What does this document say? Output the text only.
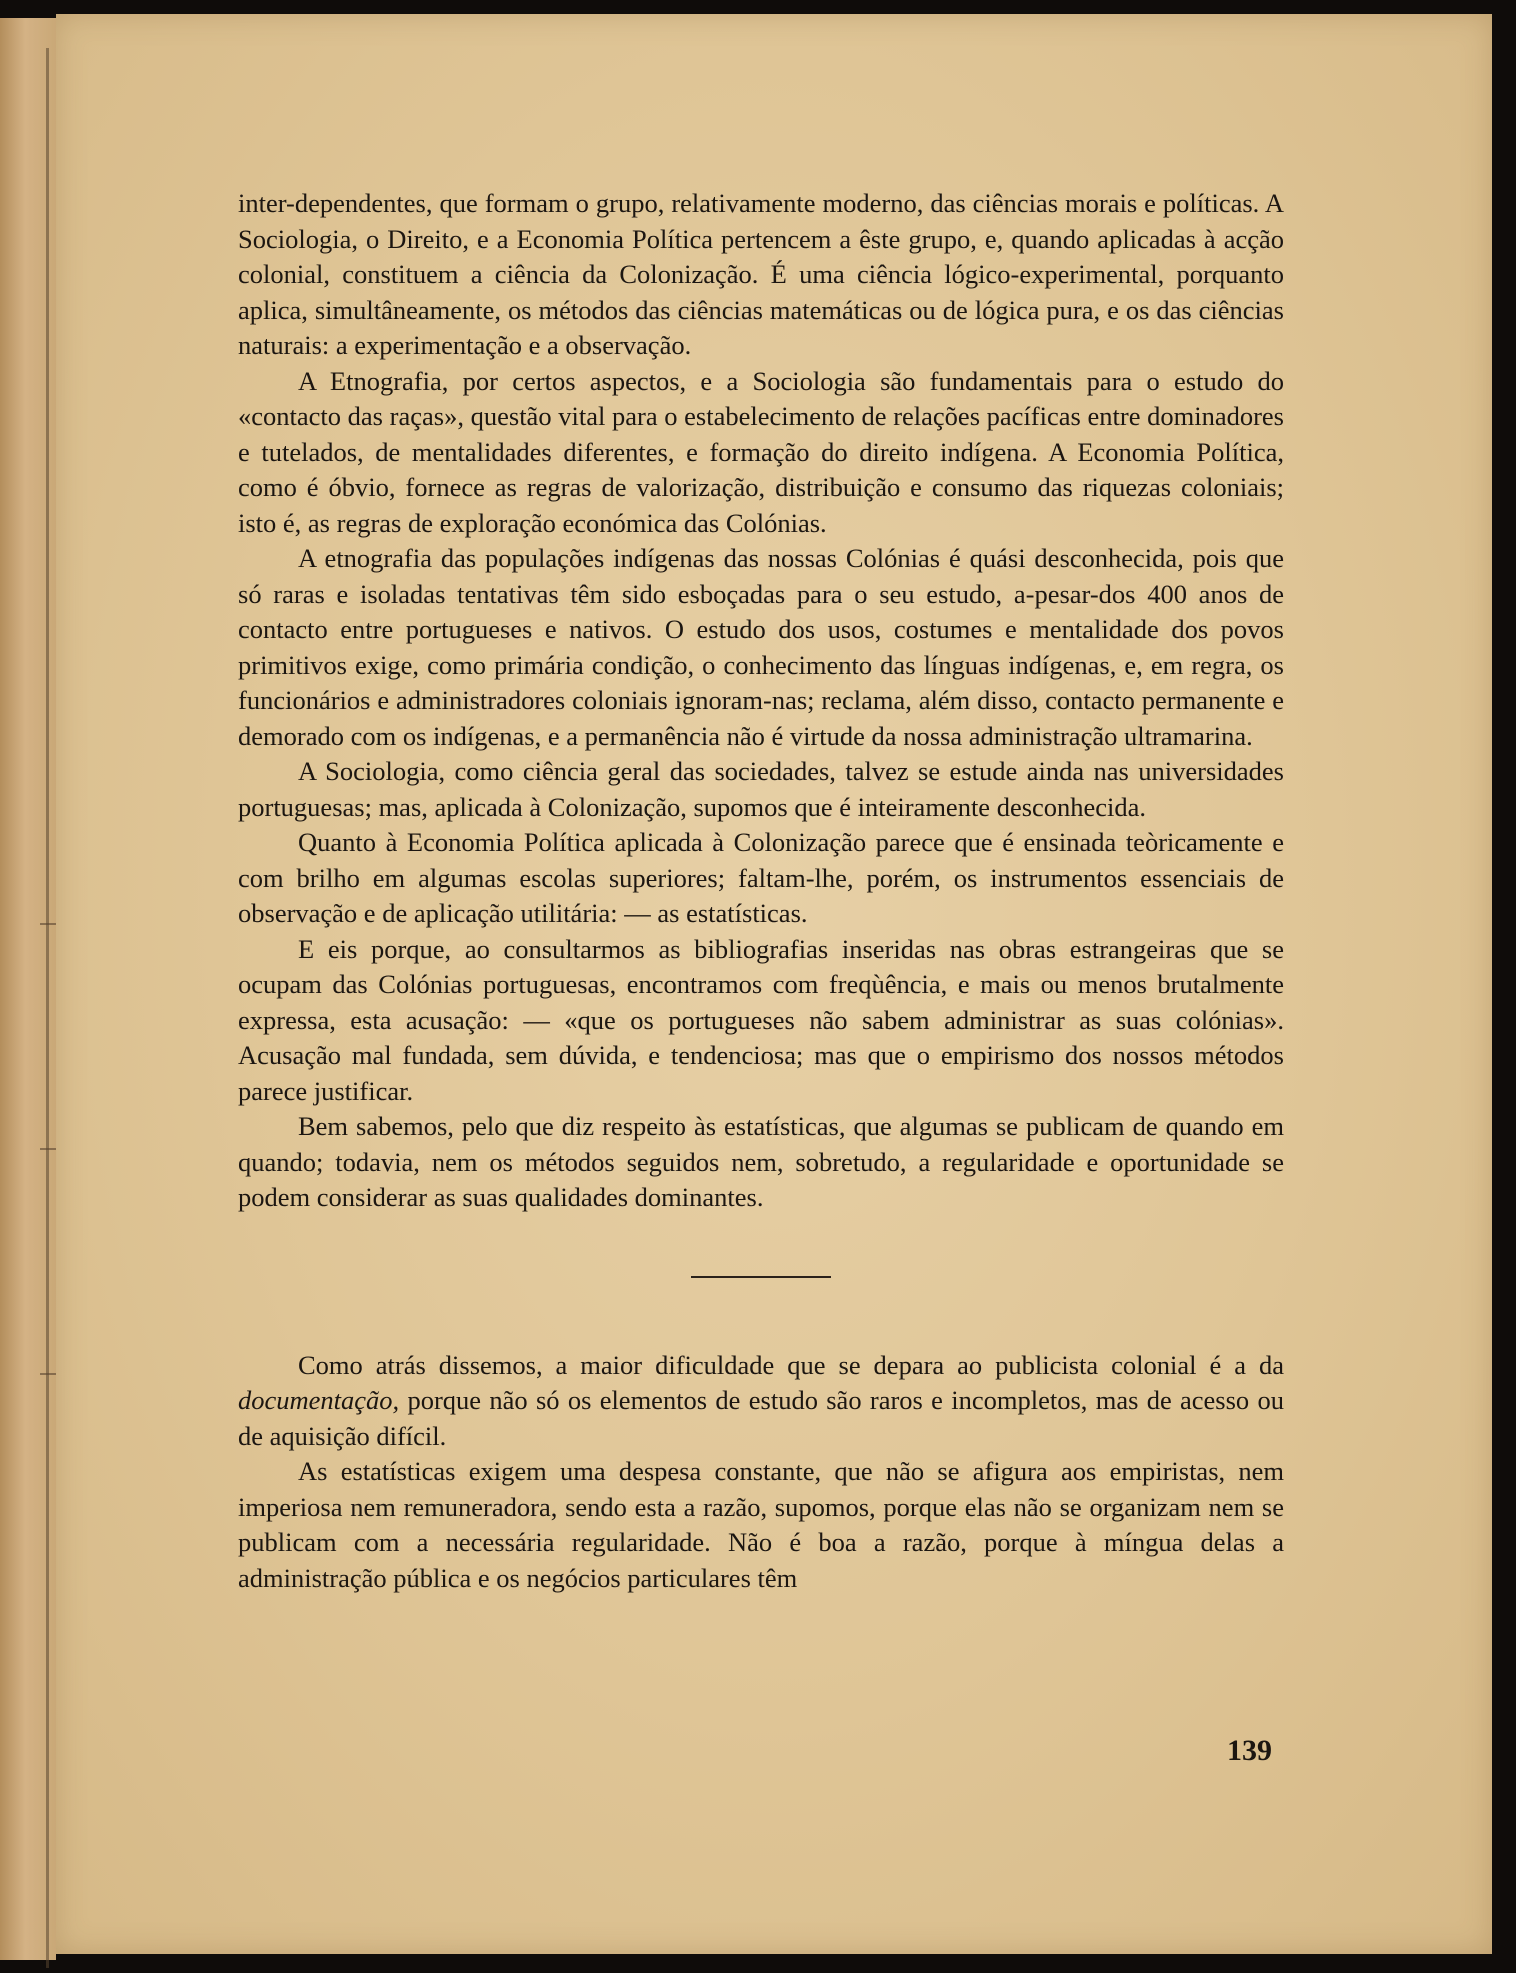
inter-dependentes, que formam o grupo, relativamente moderno, das ciências morais e políticas. A Sociologia, o Direito, e a Economia Política pertencem a êste grupo, e, quando aplicadas à acção colonial, constituem a ciência da Colonização. É uma ciência lógico-experimental, porquanto aplica, simultâneamente, os métodos das ciências matemáticas ou de lógica pura, e os das ciências naturais: a experimentação e a observação.

A Etnografia, por certos aspectos, e a Sociologia são fundamentais para o estudo do «contacto das raças», questão vital para o estabelecimento de relações pacíficas entre dominadores e tutelados, de mentalidades diferentes, e formação do direito indígena. A Economia Política, como é óbvio, fornece as regras de valorização, distribuição e consumo das riquezas coloniais; isto é, as regras de exploração económica das Colónias.

A etnografia das populações indígenas das nossas Colónias é quási desconhecida, pois que só raras e isoladas tentativas têm sido esboçadas para o seu estudo, a-pesar-dos 400 anos de contacto entre portugueses e nativos. O estudo dos usos, costumes e mentalidade dos povos primitivos exige, como primária condição, o conhecimento das línguas indígenas, e, em regra, os funcionários e administradores coloniais ignoram-nas; reclama, além disso, contacto permanente e demorado com os indígenas, e a permanência não é virtude da nossa administração ultramarina.

A Sociologia, como ciência geral das sociedades, talvez se estude ainda nas universidades portuguesas; mas, aplicada à Colonização, supomos que é inteiramente desconhecida.

Quanto à Economia Política aplicada à Colonização parece que é ensinada teòricamente e com brilho em algumas escolas superiores; faltam-lhe, porém, os instrumentos essenciais de observação e de aplicação utilitária: — as estatísticas.

E eis porque, ao consultarmos as bibliografias inseridas nas obras estrangeiras que se ocupam das Colónias portuguesas, encontramos com freqùência, e mais ou menos brutalmente expressa, esta acusação: — «que os portugueses não sabem administrar as suas colónias». Acusação mal fundada, sem dúvida, e tendenciosa; mas que o empirismo dos nossos métodos parece justificar.

Bem sabemos, pelo que diz respeito às estatísticas, que algumas se publicam de quando em quando; todavia, nem os métodos seguidos nem, sobretudo, a regularidade e oportunidade se podem considerar as suas qualidades dominantes.

Como atrás dissemos, a maior dificuldade que se depara ao publicista colonial é a da documentação, porque não só os elementos de estudo são raros e incompletos, mas de acesso ou de aquisição difícil.

As estatísticas exigem uma despesa constante, que não se afigura aos empiristas, nem imperiosa nem remuneradora, sendo esta a razão, supomos, porque elas não se organizam nem se publicam com a necessária regularidade. Não é boa a razão, porque à míngua delas a administração pública e os negócios particulares têm

139
